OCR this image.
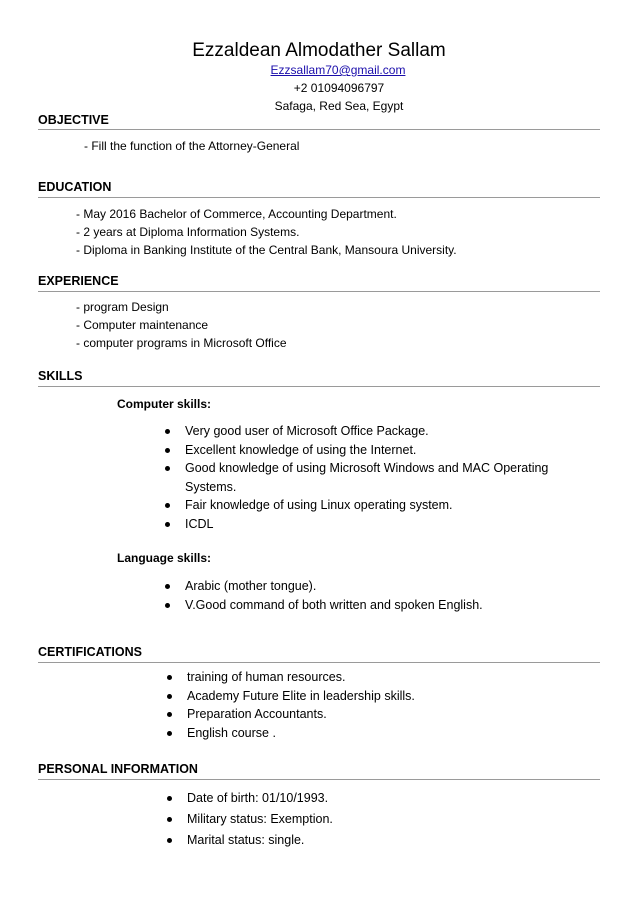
Ezzaldean Almodather Sallam
Ezzsallam70@gmail.com
+2 01094096797
Safaga, Red Sea, Egypt
OBJECTIVE
- Fill the function of the Attorney-General
EDUCATION
- May 2016 Bachelor of Commerce, Accounting Department.
- 2 years at Diploma Information Systems.
- Diploma in Banking Institute of the Central Bank, Mansoura University.
EXPERIENCE
- program Design
- Computer maintenance
- computer programs in Microsoft Office
SKILLS
Computer skills:
Very good user of Microsoft Office Package.
Excellent knowledge of using the Internet.
Good knowledge of using Microsoft Windows and MAC Operating
Systems.
Fair knowledge of using Linux operating system.
ICDL
Language skills:
Arabic (mother tongue).
V.Good command of both written and spoken English.
CERTIFICATIONS
training of human resources.
Academy Future Elite in leadership skills.
Preparation Accountants.
English course .
PERSONAL INFORMATION
Date of birth: 01/10/1993.
Military status: Exemption.
Marital status: single.
